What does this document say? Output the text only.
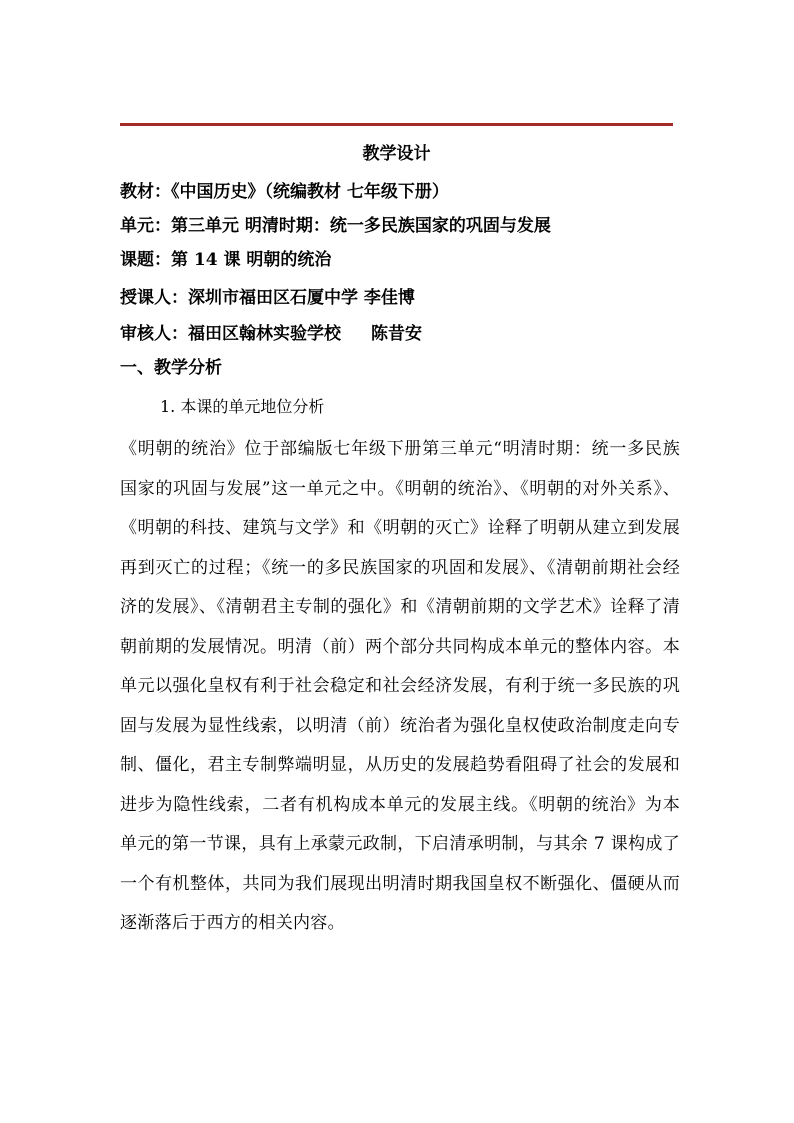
教学设计
教材：《中国历史》（统编教材 七年级下册）
单元：第三单元 明清时期：统一多民族国家的巩固与发展
课题：第 14 课 明朝的统治
授课人：深圳市福田区石厦中学 李佳博
审核人：福田区翰林实验学校 陈昔安
一、教学分析
1. 本课的单元地位分析
《明朝的统治》位于部编版七年级下册第三单元“明清时期：统一多民族国家的巩固与发展”这一单元之中。《明朝的统治》、《明朝的对外关系》、《明朝的科技、建筑与文学》和《明朝的灭亡》诠释了明朝从建立到发展再到灭亡的过程；《统一的多民族国家的巩固和发展》、《清朝前期社会经济的发展》、《清朝君主专制的强化》和《清朝前期的文学艺术》诠释了清朝前期的发展情况。明清（前）两个部分共同构成本单元的整体内容。本单元以强化皇权有利于社会稳定和社会经济发展，有利于统一多民族的巩固与发展为显性线索，以明清（前）统治者为强化皇权使政治制度走向专制、僵化，君主专制弊端明显，从历史的发展趋势看阻碍了社会的发展和进步为隐性线索，二者有机构成本单元的发展主线。《明朝的统治》为本单元的第一节课，具有上承蒙元政制，下启清承明制，与其余 7 课构成了一个有机整体，共同为我们展现出明清时期我国皇权不断强化、僵硬从而逐渐落后于西方的相关内容。
